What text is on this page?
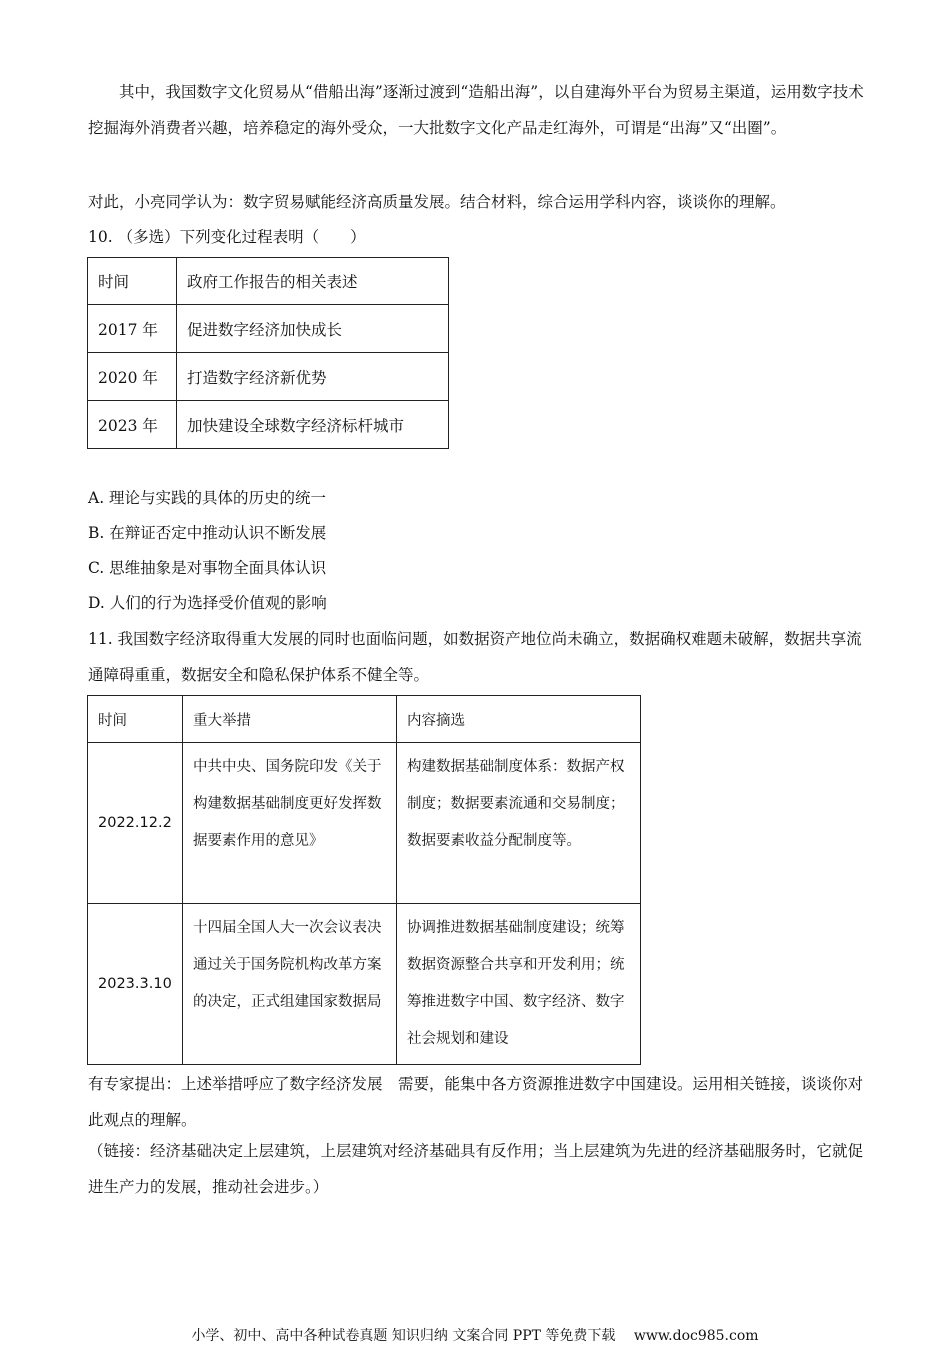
其中，我国数字文化贸易从“借船出海”逐渐过渡到“造船出海”，以自建海外平台为贸易主渠道，运用数字技术挖掘海外消费者兴趣，培养稳定的海外受众，一大批数字文化产品走红海外，可谓是“出海”又“出圈”。

对此，小亮同学认为：数字贸易赋能经济高质量发展。结合材料，综合运用学科内容，谈谈你的理解。

10. （多选）下列变化过程表明（　　）

时间	政府工作报告的相关表述
2017 年	促进数字经济加快成长
2020 年	打造数字经济新优势
2023 年	加快建设全球数字经济标杆城市

A. 理论与实践的具体的历史的统一

B. 在辩证否定中推动认识不断发展

C. 思维抽象是对事物全面具体认识

D. 人们的行为选择受价值观的影响

11. 我国数字经济取得重大发展的同时也面临问题，如数据资产地位尚未确立，数据确权难题未破解，数据共享流通障碍重重，数据安全和隐私保护体系不健全等。

时间	重大举措	内容摘选
2022.12.2	中共中央、国务院印发《关于构建数据基础制度更好发挥数据要素作用的意见》	构建数据基础制度体系：数据产权制度；数据要素流通和交易制度；数据要素收益分配制度等。
2023.3.10	十四届全国人大一次会议表决通过关于国务院机构改革方案的决定，正式组建国家数据局	协调推进数据基础制度建设；统筹数据资源整合共享和开发利用；统筹推进数字中国、数字经济、数字社会规划和建设

有专家提出：上述举措呼应了数字经济发展　需要，能集中各方资源推进数字中国建设。运用相关链接，谈谈你对此观点的理解。

（链接：经济基础决定上层建筑，上层建筑对经济基础具有反作用；当上层建筑为先进的经济基础服务时，它就促进生产力的发展，推动社会进步。）

小学、初中、高中各种试卷真题 知识归纳 文案合同 PPT 等免费下载　 www.doc985.com
